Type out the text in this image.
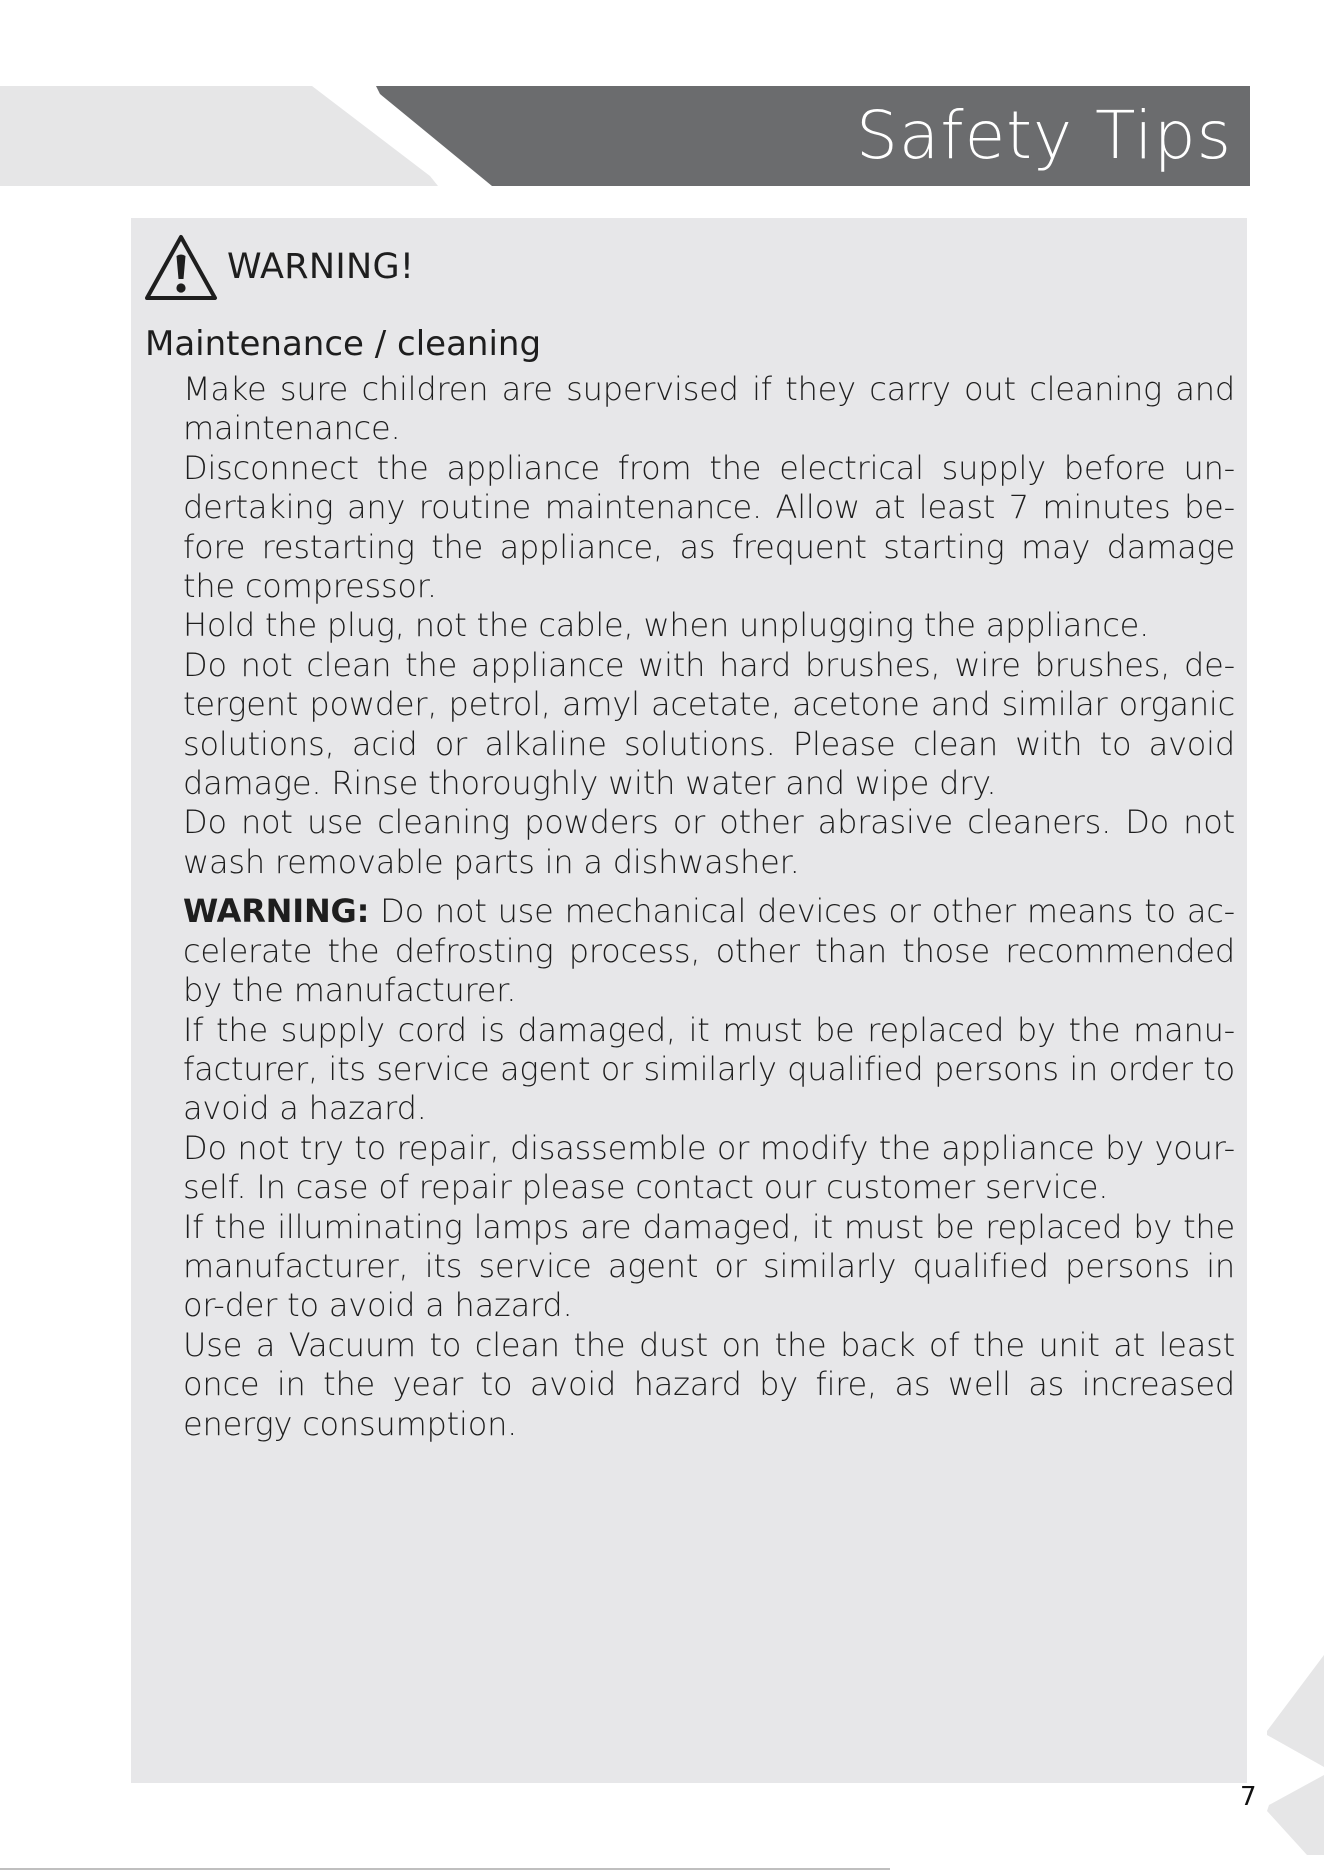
Safety Tips
WARNING!
Maintenance / cleaning

Make sure children are supervised if they carry out cleaning and maintenance.

Disconnect the appliance from the electrical supply before un-dertaking any routine maintenance. Allow at least 7 minutes be-fore restarting the appliance, as frequent starting may damage the compressor.

Hold the plug, not the cable, when unplugging the appliance.

Do not clean the appliance with hard brushes, wire brushes, de-tergent powder, petrol, amyl acetate, acetone and similar organic solutions, acid or alkaline solutions. Please clean with to avoid damage. Rinse thoroughly with water and wipe dry.

Do not use cleaning powders or other abrasive cleaners. Do not wash removable parts in a dishwasher.

WARNING: Do not use mechanical devices or other means to ac-celerate the defrosting process, other than those recommended by the manufacturer.

If the supply cord is damaged, it must be replaced by the manu-facturer, its service agent or similarly qualified persons in order to avoid a hazard.

Do not try to repair, disassemble or modify the appliance by your-self. In case of repair please contact our customer service.

If the illuminating lamps are damaged, it must be replaced by the manufacturer, its service agent or similarly qualified persons in or-der to avoid a hazard.

Use a Vacuum to clean the dust on the back of the unit at least once in the year to avoid hazard by fire, as well as increased energy consumption.

7
